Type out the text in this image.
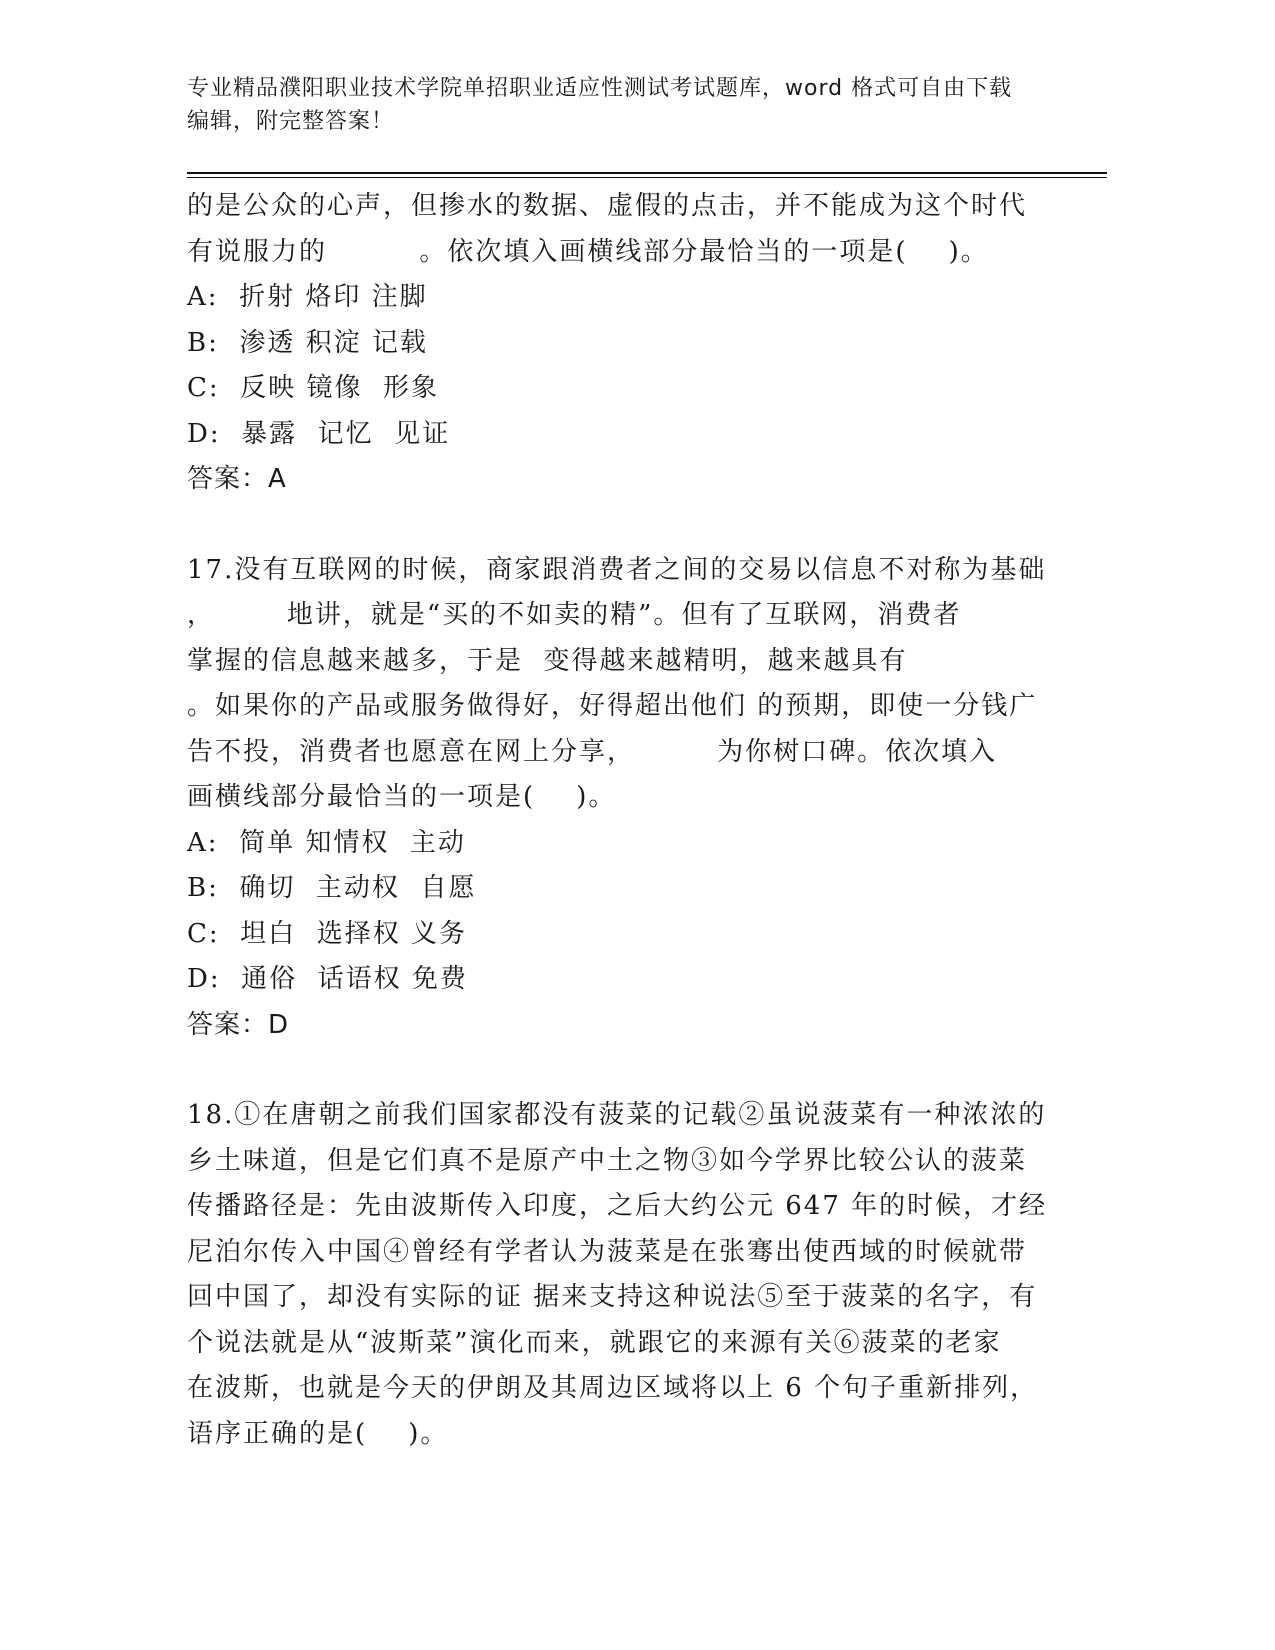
专业精品濮阳职业技术学院单招职业适应性测试考试题库，word 格式可自由下载
编辑，附完整答案！
的是公众的心声，但掺水的数据、虚假的点击，并不能成为这个时代
有说服力的         。依次填入画横线部分最恰当的一项是(    )。
A:  折射 烙印 注脚
B:  渗透 积淀 记载
C:  反映 镜像  形象
D:  暴露  记忆  见证
答案：A
17.没有互联网的时候，商家跟消费者之间的交易以信息不对称为基础
，       地讲，就是“买的不如卖的精”。但有了互联网，消费者
掌握的信息越来越多，于是  变得越来越精明，越来越具有
。如果你的产品或服务做得好，好得超出他们 的预期，即使一分钱广
告不投，消费者也愿意在网上分享，        为你树口碑。依次填入
画横线部分最恰当的一项是(    )。
A:  简单 知情权  主动
B:  确切  主动权  自愿
C:  坦白  选择权 义务
D:  通俗  话语权 免费
答案：D
18.①在唐朝之前我们国家都没有菠菜的记载②虽说菠菜有一种浓浓的
乡土味道，但是它们真不是原产中土之物③如今学界比较公认的菠菜
传播路径是：先由波斯传入印度，之后大约公元 647 年的时候，才经
尼泊尔传入中国④曾经有学者认为菠菜是在张骞出使西域的时候就带
回中国了，却没有实际的证 据来支持这种说法⑤至于菠菜的名字，有
个说法就是从“波斯菜”演化而来，就跟它的来源有关⑥菠菜的老家
在波斯，也就是今天的伊朗及其周边区域将以上 6 个句子重新排列，
语序正确的是(    )。
